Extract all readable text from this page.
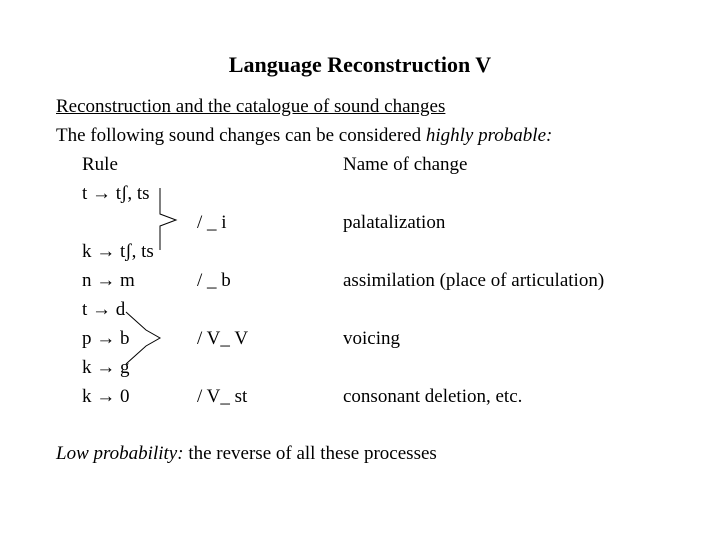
Language Reconstruction V
Reconstruction and the catalogue of sound changes
The following sound changes can be considered highly probable:
Rule	Name of change
t → tʃ, ts
/ _ i	palatalization
k → tʃ, ts
n → m	/ _ b	assimilation (place of articulation)
t → d
p → b	/ V_ V	voicing
k → g
k → 0	/ V_ st	consonant deletion, etc.
Low probability: the reverse of all these processes
